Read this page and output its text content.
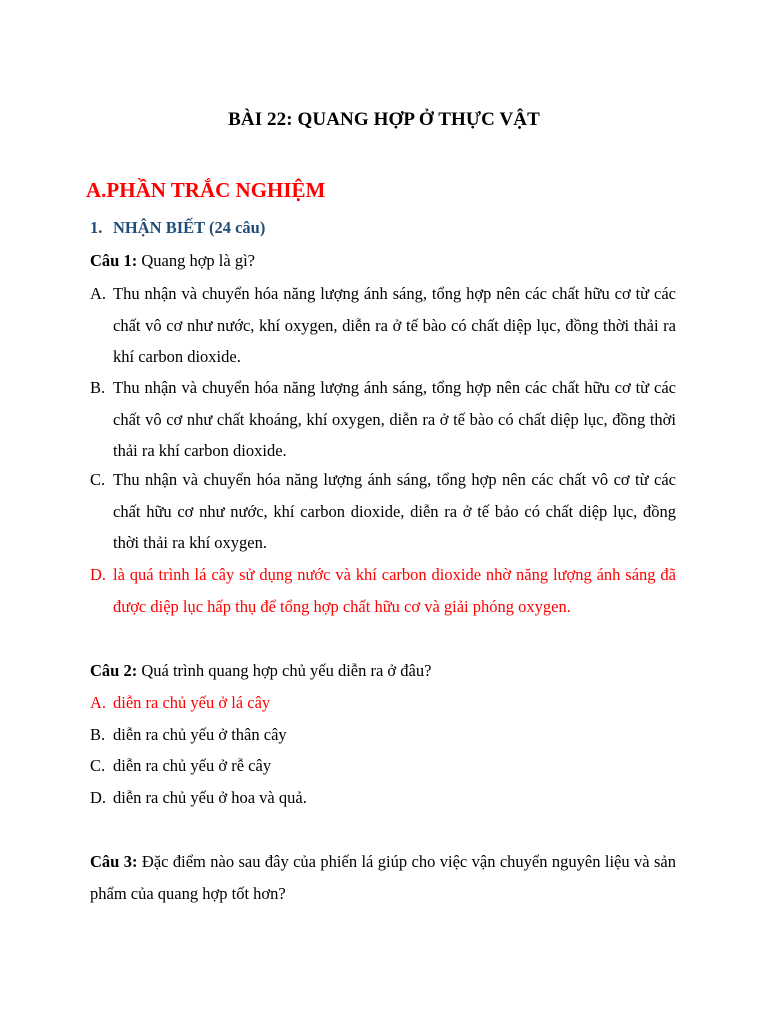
BÀI 22: QUANG HỢP Ở THỰC VẬT
A.PHẦN TRẮC NGHIỆM
1. NHẬN BIẾT (24 câu)
Câu 1: Quang hợp là gì?
A. Thu nhận và chuyển hóa năng lượng ánh sáng, tổng hợp nên các chất hữu cơ từ các chất vô cơ như nước, khí oxygen, diễn ra ở tế bào có chất diệp lục, đồng thời thải ra khí carbon dioxide.
B. Thu nhận và chuyển hóa năng lượng ánh sáng, tổng hợp nên các chất hữu cơ từ các chất vô cơ như chất khoáng, khí oxygen, diễn ra ở tế bào có chất diệp lục, đồng thời thải ra khí carbon dioxide.
C. Thu nhận và chuyển hóa năng lượng ánh sáng, tổng hợp nên các chất vô cơ từ các chất hữu cơ như nước, khí carbon dioxide, diễn ra ở tế bảo có chất diệp lục, đồng thời thải ra khí oxygen.
D. là quá trình lá cây sử dụng nước và khí carbon dioxide nhờ năng lượng ánh sáng đã được diệp lục hấp thụ để tổng hợp chất hữu cơ và giải phóng oxygen.
Câu 2: Quá trình quang hợp chủ yếu diễn ra ở đâu?
A. diễn ra chủ yếu ở lá cây
B. diễn ra chủ yếu ở thân cây
C. diễn ra chủ yếu ở rễ cây
D. diễn ra chủ yếu ở hoa và quả.
Câu 3: Đặc điểm nào sau đây của phiến lá giúp cho việc vận chuyển nguyên liệu và sản phẩm của quang hợp tốt hơn?
